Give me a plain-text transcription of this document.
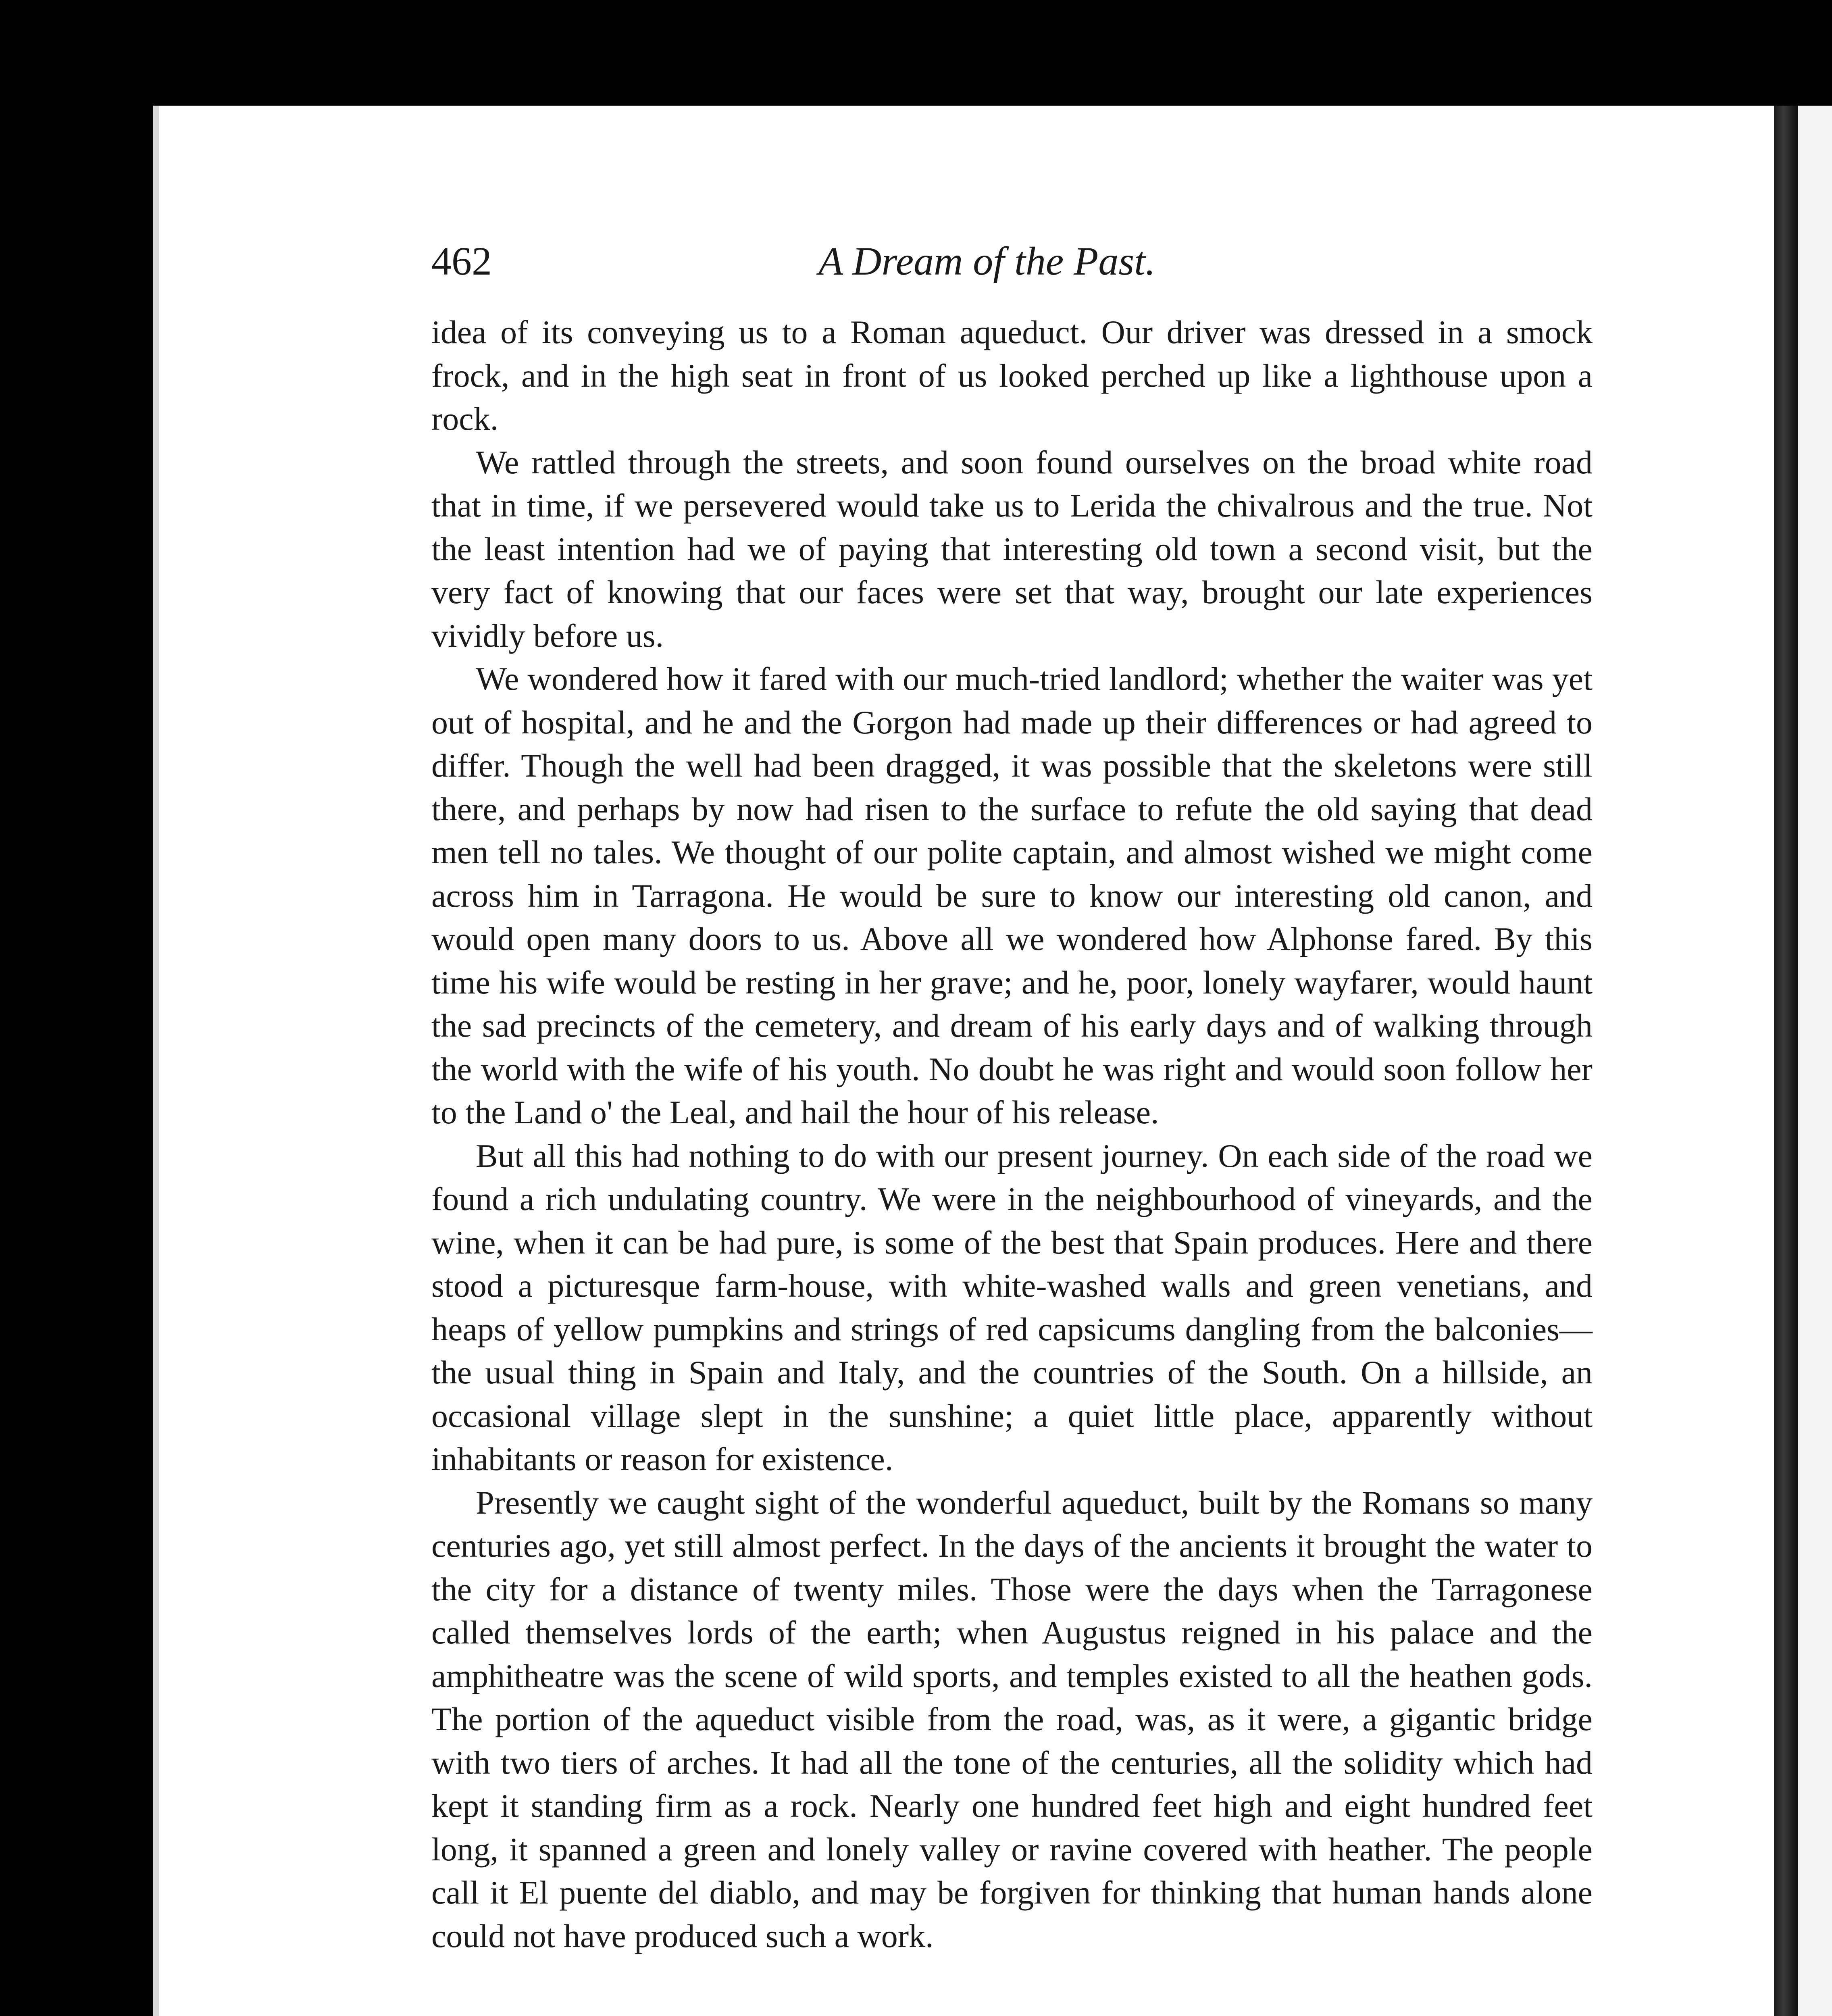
462	A Dream of the Past.

idea of its conveying us to a Roman aqueduct. Our driver was dressed in a smock frock, and in the high seat in front of us looked perched up like a lighthouse upon a rock.

We rattled through the streets, and soon found ourselves on the broad white road that in time, if we persevered would take us to Lerida the chivalrous and the true. Not the least intention had we of paying that interesting old town a second visit, but the very fact of knowing that our faces were set that way, brought our late experiences vividly before us.

We wondered how it fared with our much-tried landlord; whether the waiter was yet out of hospital, and he and the Gorgon had made up their differences or had agreed to differ. Though the well had been dragged, it was possible that the skeletons were still there, and perhaps by now had risen to the surface to refute the old saying that dead men tell no tales. We thought of our polite captain, and almost wished we might come across him in Tarragona. He would be sure to know our interesting old canon, and would open many doors to us. Above all we wondered how Alphonse fared. By this time his wife would be resting in her grave; and he, poor, lonely wayfarer, would haunt the sad precincts of the cemetery, and dream of his early days and of walking through the world with the wife of his youth. No doubt he was right and would soon follow her to the Land o' the Leal, and hail the hour of his release.

But all this had nothing to do with our present journey. On each side of the road we found a rich undulating country. We were in the neighbourhood of vineyards, and the wine, when it can be had pure, is some of the best that Spain produces. Here and there stood a picturesque farm-house, with white-washed walls and green venetians, and heaps of yellow pumpkins and strings of red capsicums dangling from the balconies—the usual thing in Spain and Italy, and the countries of the South. On a hillside, an occasional village slept in the sunshine; a quiet little place, apparently without inhabitants or reason for existence.

Presently we caught sight of the wonderful aqueduct, built by the Romans so many centuries ago, yet still almost perfect. In the days of the ancients it brought the water to the city for a distance of twenty miles. Those were the days when the Tarragonese called themselves lords of the earth; when Augustus reigned in his palace and the amphitheatre was the scene of wild sports, and temples existed to all the heathen gods. The portion of the aqueduct visible from the road, was, as it were, a gigantic bridge with two tiers of arches. It had all the tone of the centuries, all the solidity which had kept it standing firm as a rock. Nearly one hundred feet high and eight hundred feet long, it spanned a green and lonely valley or ravine covered with heather. The people call it El puente del diablo, and may be forgiven for thinking that human hands alone could not have produced such a work.
